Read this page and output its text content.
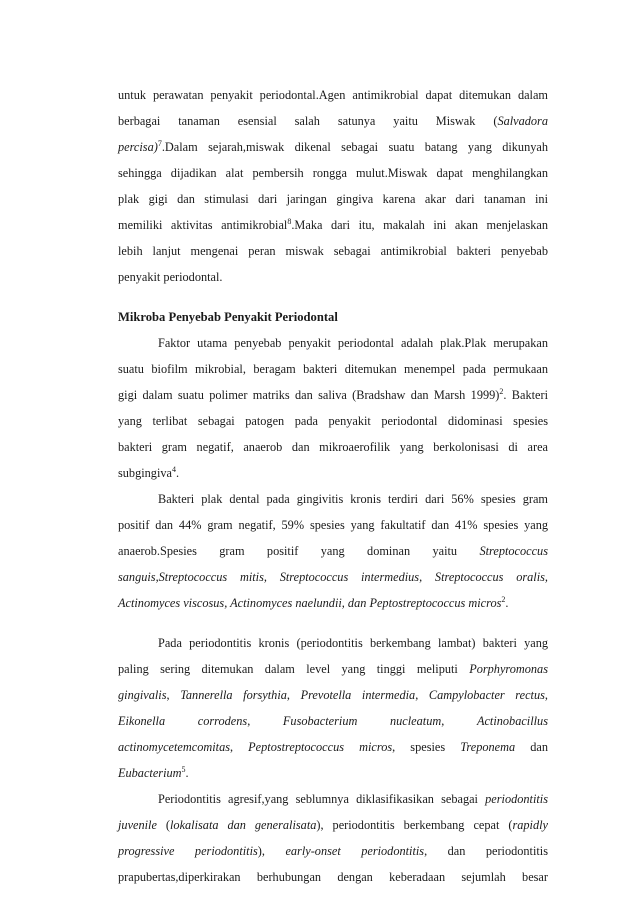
untuk perawatan penyakit periodontal.Agen antimikrobial dapat ditemukan dalam
berbagai tanaman esensial salah satunya yaitu Miswak (Salvadora
percisa)$^7$.Dalam sejarah,miswak dikenal sebagai suatu batang yang dikunyah
sehingga dijadikan alat pembersih rongga mulut.Miswak dapat menghilangkan
plak gigi dan stimulasi dari jaringan gingiva karena akar dari tanaman ini
memiliki aktivitas antimikrobial$^8$.Maka dari itu, makalah ini akan menjelaskan
lebih lanjut mengenai peran miswak sebagai antimikrobial bakteri penyebab
penyakit periodontal.
Mikroba Penyebab Penyakit Periodontal
Faktor utama penyebab penyakit periodontal adalah plak.Plak merupakan
suatu biofilm mikrobial, beragam bakteri ditemukan menempel pada permukaan
gigi dalam suatu polimer matriks dan saliva (Bradshaw dan Marsh 1999)$^2$. Bakteri
yang terlibat sebagai patogen pada penyakit periodontal didominasi spesies
bakteri gram negatif, anaerob dan mikroaerofilik yang berkolonisasi di area
subgingiva$^4$.
Bakteri plak dental pada gingivitis kronis terdiri dari 56% spesies gram
positif dan 44% gram negatif, 59% spesies yang fakultatif dan 41% spesies yang
anaerob.Spesies gram positif yang dominan yaitu Streptococcus
sanguis,Streptococcus mitis, Streptococcus intermedius, Streptococcus oralis,
Actinomyces viscosus, Actinomyces naelundii, dan Peptostreptococcus micros$^2$.
Pada periodontitis kronis (periodontitis berkembang lambat) bakteri yang
paling sering ditemukan dalam level yang tinggi meliputi Porphyromonas
gingivalis, Tannerella forsythia, Prevotella intermedia, Campylobacter rectus,
Eikonella corrodens, Fusobacterium nucleatum, Actinobacillus
actinomycetemcomitas, Peptostreptococcus micros, spesies Treponema dan
Eubacterium$^5$.
Periodontitis agresif,yang seblumnya diklasifikasikan sebagai periodontitis
juvenile (lokalisata dan generalisata), periodontitis berkembang cepat (rapidly
progressive periodontitis), early-onset periodontitis, dan periodontitis
prapubertas,diperkirakan berhubungan dengan keberadaan sejumlah besar
